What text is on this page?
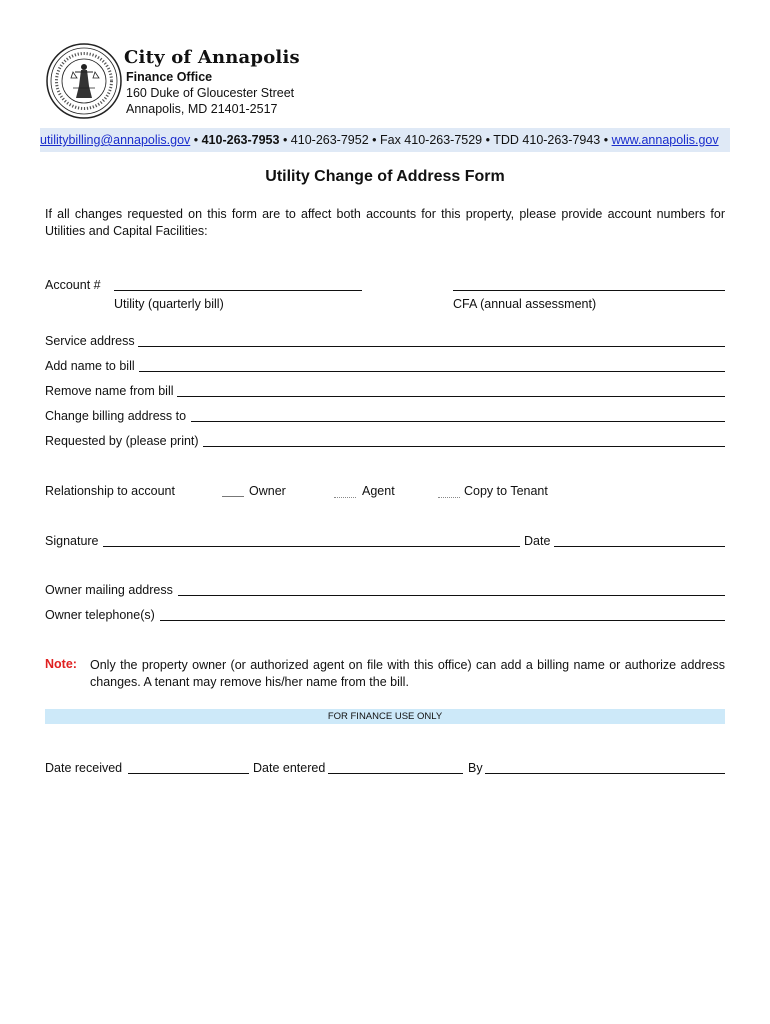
City of Annapolis
Finance Office
160 Duke of Gloucester Street
Annapolis, MD 21401-2517
utilitybilling@annapolis.gov • 410-263-7953 • 410-263-7952 • Fax 410-263-7529 • TDD 410-263-7943 • www.annapolis.gov
Utility Change of Address Form
If all changes requested on this form are to affect both accounts for this property, please provide account numbers for Utilities and Capital Facilities:
Account #
Utility (quarterly bill)	CFA (annual assessment)
Service address
Add name to bill
Remove name from bill
Change billing address to
Requested by (please print)
Relationship to account	Owner	Agent	Copy to Tenant
Signature	Date
Owner mailing address
Owner telephone(s)
Note: Only the property owner (or authorized agent on file with this office) can add a billing name or authorize address changes. A tenant may remove his/her name from the bill.
FOR FINANCE USE ONLY
Date received	Date entered	By
